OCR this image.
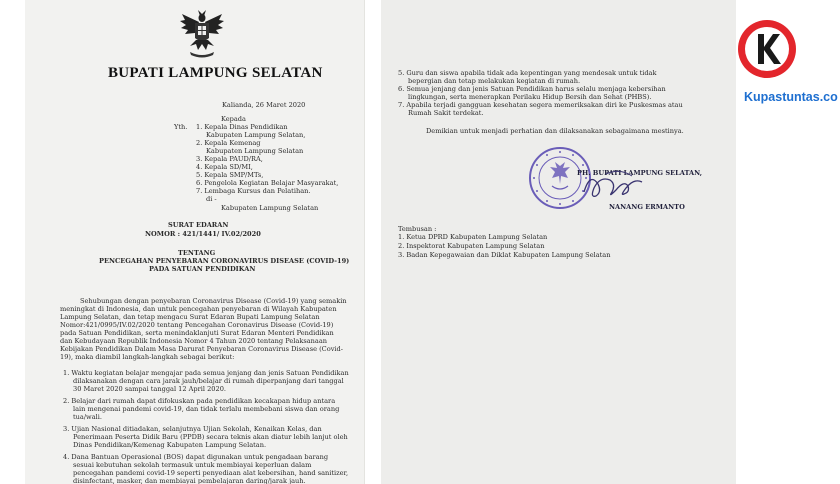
BUPATI LAMPUNG SELATAN
Kalianda, 26 Maret 2020
Kepada
Yth. 1. Kepala Dinas Pendidikan
Kabupaten Lampung Selatan,
2. Kepala Kemenag
Kabupaten Lampung Selatan
3. Kepala PAUD/RA,
4. Kepala SD/MI,
5. Kepala SMP/MTs,
6. Pengelola Kegiatan Belajar Masyarakat,
7. Lembaga Kursus dan Pelatihan.
di -
Kabupaten Lampung Selatan
SURAT EDARAN
NOMOR : 421/1441/ IV.02/2020
TENTANG
PENCEGAHAN PENYEBARAN CORONAVIRUS DISEASE (COVID-19)
PADA SATUAN PENDIDIKAN
Sehubungan dengan penyebaran Coronavirus Disease (Covid-19) yang semakin
meningkat di Indonesia, dan untuk pencegahan penyebaran di Wilayah Kabupaten
Lampung Selatan, dan tetap mengacu Surat Edaran Bupati Lampung Selatan
Nomor:421/0995/IV.02/2020 tentang Pencegahan Coronavirus Disease (Covid-19)
pada Satuan Pendidikan, serta menindaklanjuti Surat Edaran Menteri Pendidikan
dan Kebudayaan Republik Indonesia Nomor 4 Tahun 2020 tentang Pelaksanaan
Kebijakan Pendidikan Dalam Masa Darurat Penyebaran Coronavirus Disease (Covid-
19), maka diambil langkah-langkah sebagai berikut:
1. Waktu kegiatan belajar mengajar pada semua jenjang dan jenis Satuan Pendidikan
dilaksanakan dengan cara jarak jauh/belajar di rumah diperpanjang dari tanggal
30 Maret 2020 sampai tanggal 12 April 2020.
2. Belajar dari rumah dapat difokuskan pada pendidikan kecakapan hidup antara
lain mengenai pandemi covid-19, dan tidak terlalu membebani siswa dan orang
tua/wali.
3. Ujian Nasional ditiadakan, selanjutnya Ujian Sekolah, Kenaikan Kelas, dan
Penerimaan Peserta Didik Baru (PPDB) secara teknis akan diatur lebih lanjut oleh
Dinas Pendidikan/Kemenag Kabupaten Lampung Selatan.
4. Dana Bantuan Operasional (BOS) dapat digunakan untuk pengadaan barang
sesuai kebutuhan sekolah termasuk untuk membiayai keperluan dalam
pencegahan pandemi covid-19 seperti penyediaan alat kebersihan, hand sanitizer,
disinfectant, masker, dan membiayai pembelajaran daring/jarak jauh.
5. Guru dan siswa apabila tidak ada kepentingan yang mendesak untuk tidak
bepergian dan tetap melakukan kegiatan di rumah.
6. Semua jenjang dan jenis Satuan Pendidikan harus selalu menjaga kebersihan
lingkungan, serta menerapkan Perilaku Hidup Bersih dan Sehat (PHBS).
7. Apabila terjadi gangguan kesehatan segera memeriksakan diri ke Puskesmas atau
Rumah Sakit terdekat.
Demikian untuk menjadi perhatian dan dilaksanakan sebagaimana mestinya.
PH. BUPATI LAMPUNG SELATAN,
NANANG ERMANTO
Tembusan :
1. Ketua DPRD Kabupaten Lampung Selatan
2. Inspektorat Kabupaten Lampung Selatan
3. Badan Kepegawaian dan Diklat Kabupaten Lampung Selatan
Kupastuntas.co
